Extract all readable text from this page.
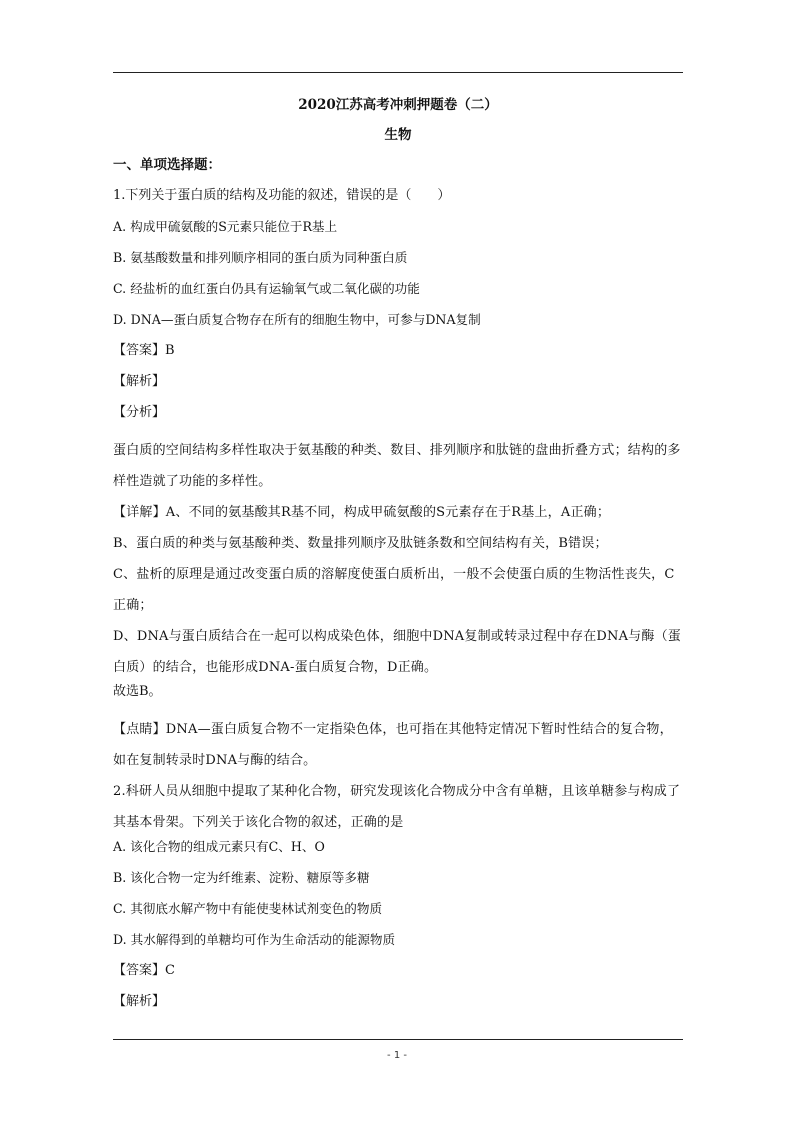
2020江苏高考冲刺押题卷（二）
生物
一、单项选择题：
1.下列关于蛋白质的结构及功能的叙述，错误的是（　　）
A. 构成甲硫氨酸的S元素只能位于R基上
B. 氨基酸数量和排列顺序相同的蛋白质为同种蛋白质
C. 经盐析的血红蛋白仍具有运输氧气或二氧化碳的功能
D. DNA—蛋白质复合物存在所有的细胞生物中，可参与DNA复制
【答案】B
【解析】
【分析】
蛋白质的空间结构多样性取决于氨基酸的种类、数目、排列顺序和肽链的盘曲折叠方式；结构的多样性造就了功能的多样性。
【详解】A、不同的氨基酸其R基不同，构成甲硫氨酸的S元素存在于R基上，A正确；
B、蛋白质的种类与氨基酸种类、数量排列顺序及肽链条数和空间结构有关，B错误；
C、盐析的原理是通过改变蛋白质的溶解度使蛋白质析出，一般不会使蛋白质的生物活性丧失，C正确；
D、DNA与蛋白质结合在一起可以构成染色体，细胞中DNA复制或转录过程中存在DNA与酶（蛋白质）的结合，也能形成DNA-蛋白质复合物，D正确。
故选B。
【点睛】DNA—蛋白质复合物不一定指染色体，也可指在其他特定情况下暂时性结合的复合物，如在复制转录时DNA与酶的结合。
2.科研人员从细胞中提取了某种化合物，研究发现该化合物成分中含有单糖，且该单糖参与构成了其基本骨架。下列关于该化合物的叙述，正确的是
A. 该化合物的组成元素只有C、H、O
B. 该化合物一定为纤维素、淀粉、糖原等多糖
C. 其彻底水解产物中有能使斐林试剂变色的物质
D. 其水解得到的单糖均可作为生命活动的能源物质
【答案】C
【解析】
- 1 -
